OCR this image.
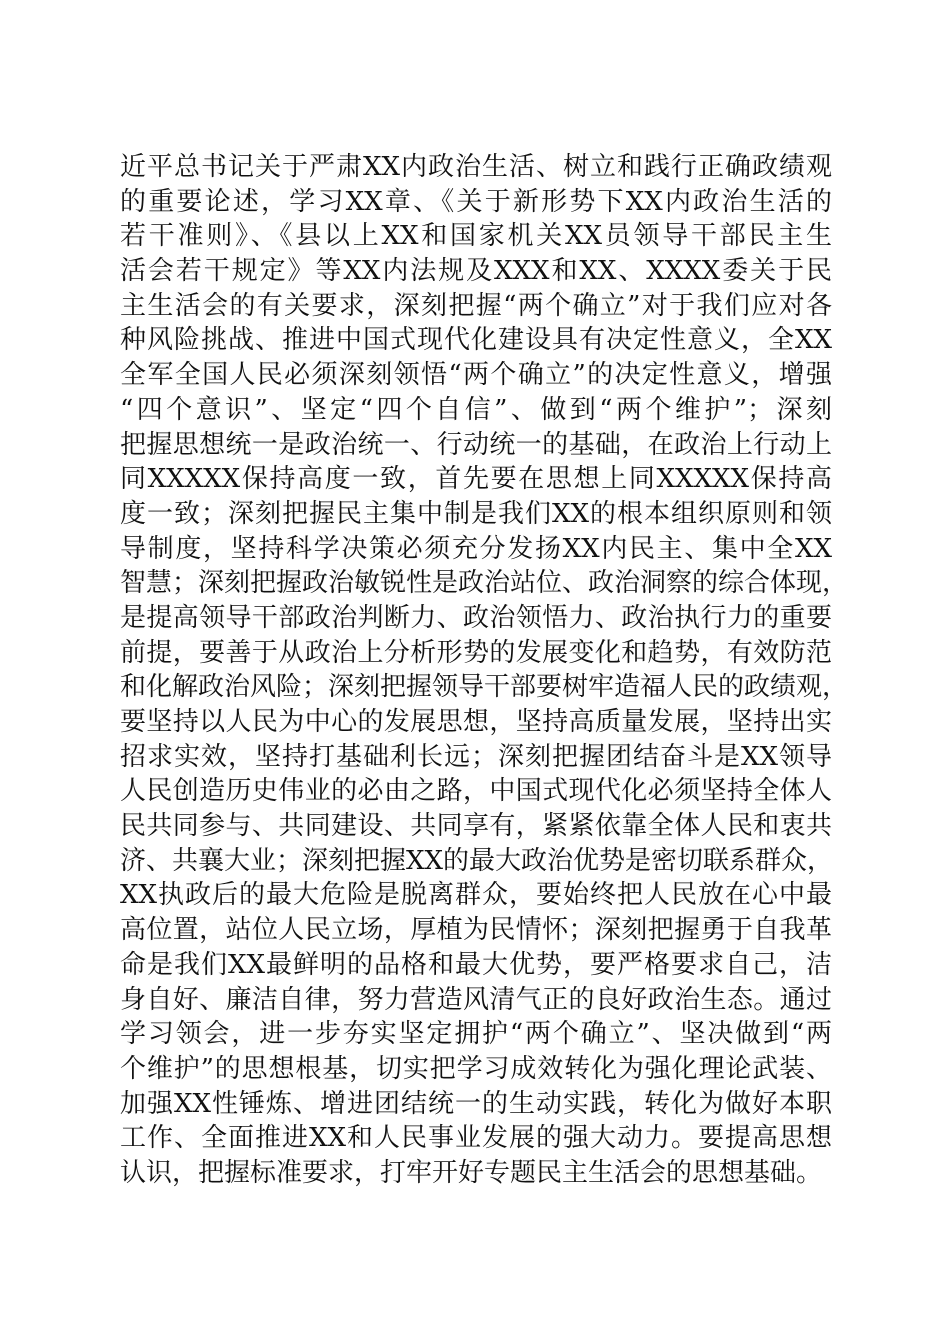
近平总书记关于严肃XX内政治生活、树立和践行正确政绩观
的重要论述，学习XX章、《关于新形势下XX内政治生活的
若干准则》、《县以上XX和国家机关XX员领导干部民主生
活会若干规定》等XX内法规及XXX和XX、XXXX委关于民
主生活会的有关要求，深刻把握“两个确立”对于我们应对各
种风险挑战、推进中国式现代化建设具有决定性意义，全XX
全军全国人民必须深刻领悟“两个确立”的决定性意义，增强
“四个意识”、坚定“四个自信”、做到“两个维护”；深刻
把握思想统一是政治统一、行动统一的基础，在政治上行动上
同XXXXX保持高度一致，首先要在思想上同XXXXX保持高
度一致；深刻把握民主集中制是我们XX的根本组织原则和领
导制度，坚持科学决策必须充分发扬XX内民主、集中全XX
智慧；深刻把握政治敏锐性是政治站位、政治洞察的综合体现，
是提高领导干部政治判断力、政治领悟力、政治执行力的重要
前提，要善于从政治上分析形势的发展变化和趋势，有效防范
和化解政治风险；深刻把握领导干部要树牢造福人民的政绩观，
要坚持以人民为中心的发展思想，坚持高质量发展，坚持出实
招求实效，坚持打基础利长远；深刻把握团结奋斗是XX领导
人民创造历史伟业的必由之路，中国式现代化必须坚持全体人
民共同参与、共同建设、共同享有，紧紧依靠全体人民和衷共
济、共襄大业；深刻把握XX的最大政治优势是密切联系群众，
XX执政后的最大危险是脱离群众，要始终把人民放在心中最
高位置，站位人民立场，厚植为民情怀；深刻把握勇于自我革
命是我们XX最鲜明的品格和最大优势，要严格要求自己，洁
身自好、廉洁自律，努力营造风清气正的良好政治生态。通过
学习领会，进一步夯实坚定拥护“两个确立”、坚决做到“两
个维护”的思想根基，切实把学习成效转化为强化理论武装、
加强XX性锤炼、增进团结统一的生动实践，转化为做好本职
工作、全面推进XX和人民事业发展的强大动力。要提高思想
认识，把握标准要求，打牢开好专题民主生活会的思想基础。
